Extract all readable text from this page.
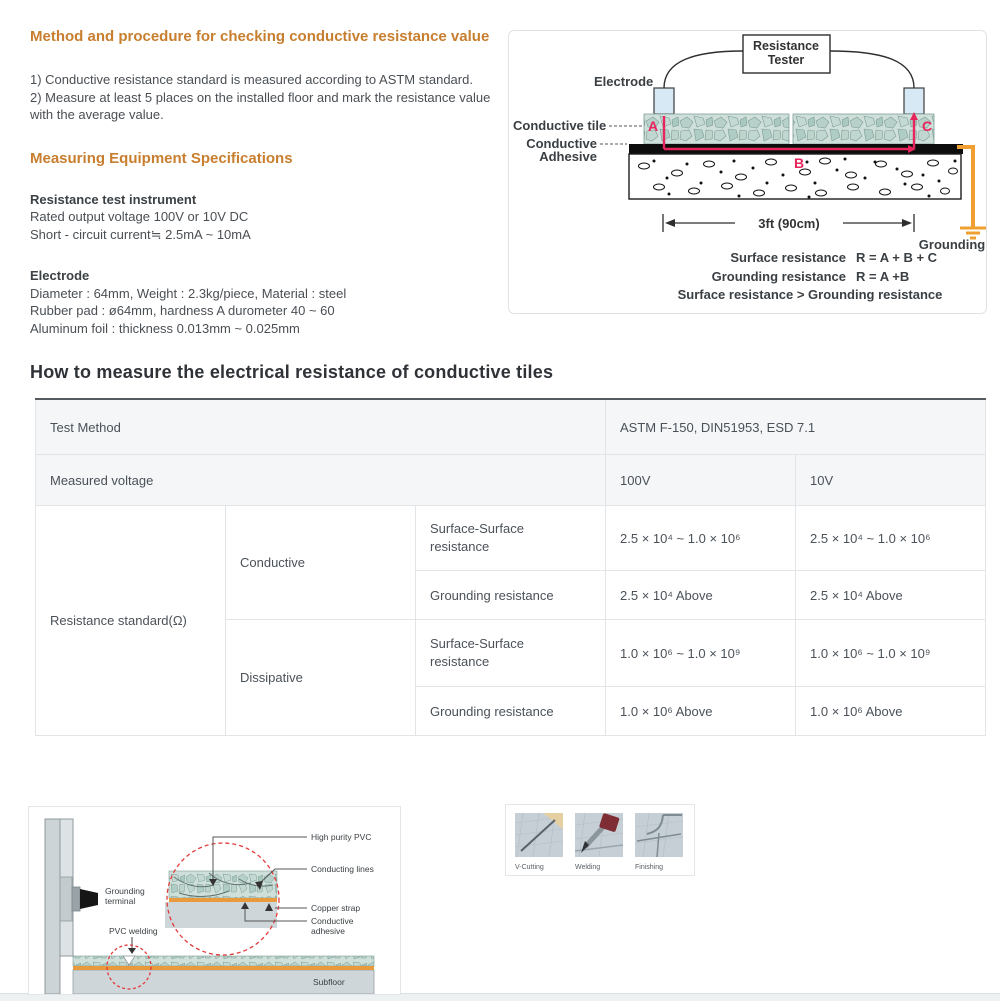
Method and procedure for checking conductive resistance value

1) Conductive resistance standard is measured according to ASTM standard.

2) Measure at least 5 places on the installed floor and mark the resistance value with the average value.

Measuring Equipment Specifications

Resistance test instrument

Rated output voltage 100V or 10V DC

Short - circuit current≒ 2.5mA ~ 10mA

Electrode

Diameter : 64mm, Weight : 2.3kg/piece, Material : steel

Rubber pad : ø64mm, hardness A durometer 40 ~ 60

Aluminum foil : thickness 0.013mm ~ 0.025mm

Resistance
Tester
Electrode
Conductive tile
Conductive
Adhesive
A
B
C
Grounding
3ft (90cm)
Surface resistance R = A + B + C
Grounding resistance R = A +B
Surface resistance > Grounding resistance
How to measure the electrical resistance of conductive tiles
Test Method			ASTM F-150, DIN51953, ESD 7.1	
Measured voltage			100V	10V
Resistance standard(Ω)	Conductive	Surface-Surface resistance	2.5 × 10⁴ ~ 1.0 × 10⁶	2.5 × 10⁴ ~ 1.0 × 10⁶
		Grounding resistance	2.5 × 10⁴ Above	2.5 × 10⁴ Above
	Dissipative	Surface-Surface resistance	1.0 × 10⁶ ~ 1.0 × 10⁹	1.0 × 10⁶ ~ 1.0 × 10⁹
		Grounding resistance	1.0 × 10⁶ Above	1.0 × 10⁶ Above
Grounding
terminal
Subfloor
PVC welding
High purity PVC
Conducting lines
Copper strap
Conductive
adhesive
V-Cutting	Welding	Finishing
